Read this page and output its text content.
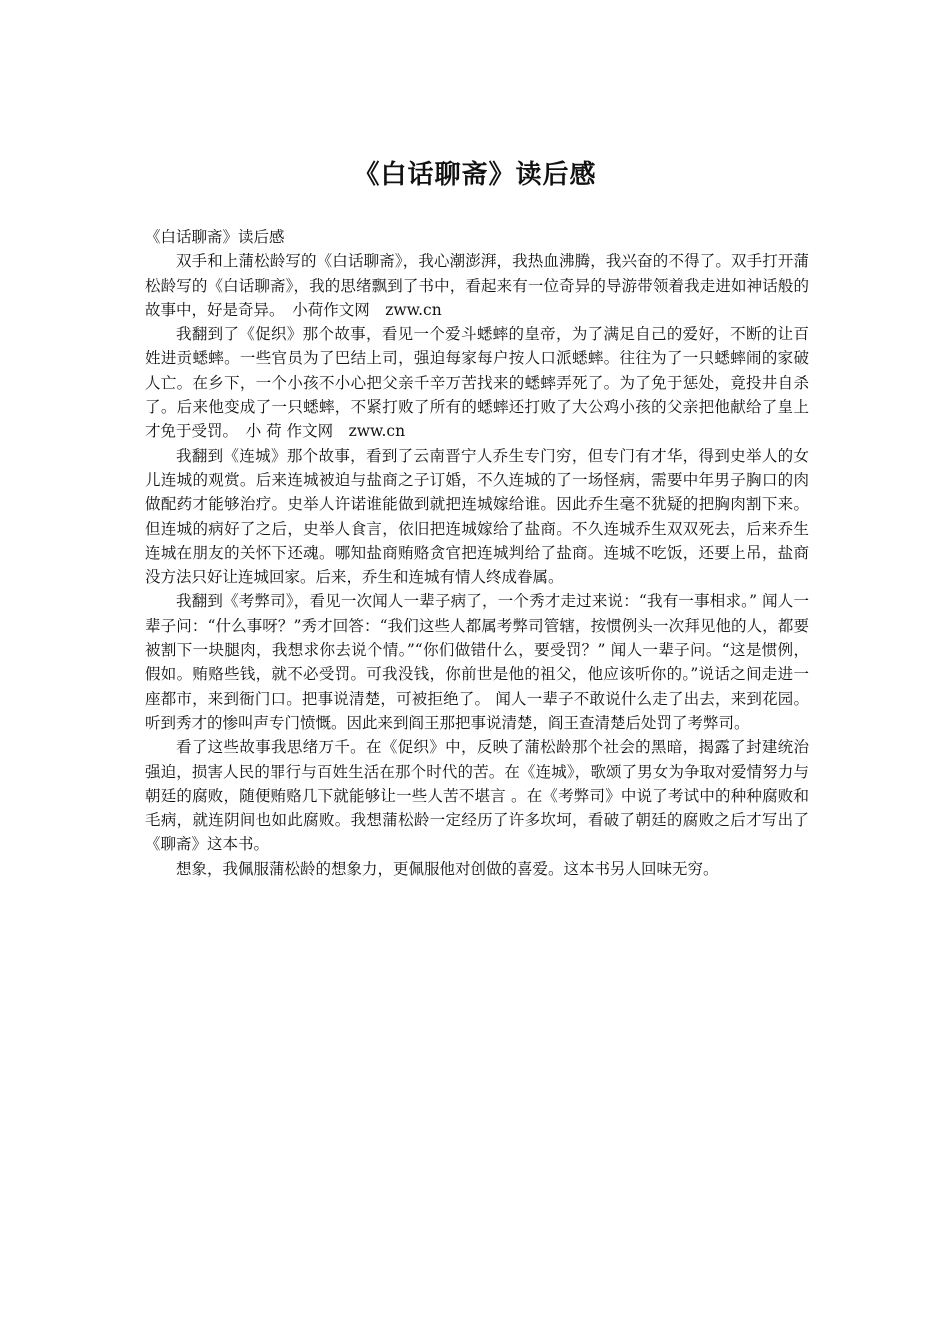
《白话聊斋》读后感

《白话聊斋》读后感

双手和上蒲松龄写的《白话聊斋》，我心潮澎湃，我热血沸腾，我兴奋的不得了。双手打开蒲松龄写的《白话聊斋》，我的思绪飘到了书中，看起来有一位奇异的导游带领着我走进如神话般的故事中，好是奇异。　小荷作文网　zww.cn

我翻到了《促织》那个故事，看见一个爱斗蟋蟀的皇帝，为了满足自己的爱好，不断的让百姓进贡蟋蟀。一些官员为了巴结上司，强迫每家每户按人口派蟋蟀。往往为了一只蟋蟀闹的家破人亡。在乡下，一个小孩不小心把父亲千辛万苦找来的蟋蟀弄死了。为了免于惩处，竟投井自杀了。后来他变成了一只蟋蟀，不紧打败了所有的蟋蟀还打败了大公鸡小孩的父亲把他献给了皇上才免于受罚。　小 荷 作文网　zww.cn

我翻到《连城》那个故事，看到了云南晋宁人乔生专门穷，但专门有才华，得到史举人的女儿连城的观赏。后来连城被迫与盐商之子订婚，不久连城的了一场怪病，需要中年男子胸口的肉做配药才能够治疗。史举人许诺谁能做到就把连城嫁给谁。因此乔生毫不犹疑的把胸肉割下来。但连城的病好了之后，史举人食言，依旧把连城嫁给了盐商。不久连城乔生双双死去，后来乔生连城在朋友的关怀下还魂。哪知盐商贿赂贪官把连城判给了盐商。连城不吃饭，还要上吊，盐商没方法只好让连城回家。后来，乔生和连城有情人终成眷属。

我翻到《考弊司》，看见一次闻人一辈子病了，一个秀才走过来说：“我有一事相求。” 闻人一辈子问：“什么事呀？”秀才回答：“我们这些人都属考弊司管辖，按惯例头一次拜见他的人，都要被割下一块腿肉，我想求你去说个情。”“你们做错什么，要受罚？” 闻人一辈子问。“这是惯例，假如。贿赂些钱，就不必受罚。可我没钱，你前世是他的祖父，他应该听你的。”说话之间走进一座都市，来到衙门口。把事说清楚，可被拒绝了。 闻人一辈子不敢说什么走了出去，来到花园。听到秀才的惨叫声专门愤慨。因此来到阎王那把事说清楚，阎王查清楚后处罚了考弊司。

看了这些故事我思绪万千。在《促织》中，反映了蒲松龄那个社会的黑暗，揭露了封建统治强迫，损害人民的罪行与百姓生活在那个时代的苦。在《连城》，歌颂了男女为争取对爱情努力与朝廷的腐败，随便贿赂几下就能够让一些人苦不堪言 。在《考弊司》中说了考试中的种种腐败和毛病，就连阴间也如此腐败。我想蒲松龄一定经历了许多坎坷，看破了朝廷的腐败之后才写出了《聊斋》这本书。

想象，我佩服蒲松龄的想象力，更佩服他对创做的喜爱。这本书另人回味无穷。
